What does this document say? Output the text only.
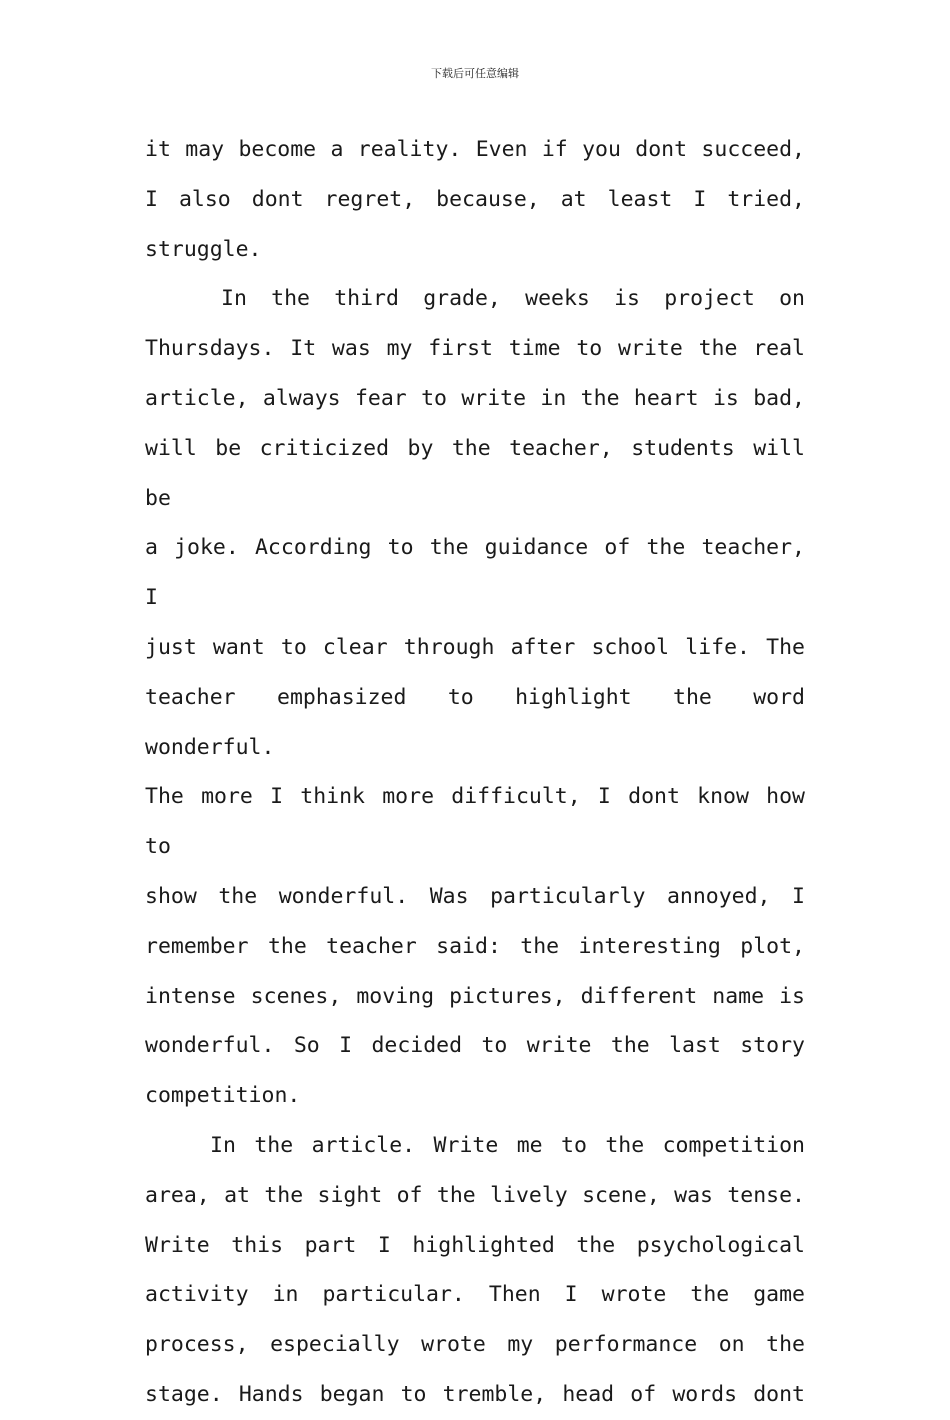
下载后可任意编辑
it may become a reality. Even if you dont succeed,
I also dont regret, because, at least I tried,
struggle.
In the third grade, weeks is project on
Thursdays. It was my first time to write the real
article, always fear to write in the heart is bad,
will be criticized by the teacher, students will be
a joke. According to the guidance of the teacher, I
just want to clear through after school life. The
teacher emphasized to highlight the word wonderful.
The more I think more difficult, I dont know how to
show the wonderful. Was particularly annoyed, I
remember the teacher said: the interesting plot,
intense scenes, moving pictures, different name is
wonderful. So I decided to write the last story
competition.
In the article. Write me to the competition
area, at the sight of the lively scene, was tense.
Write this part I highlighted the psychological
activity in particular. Then I wrote the game
process, especially wrote my performance on the
stage. Hands began to tremble, head of words dont
